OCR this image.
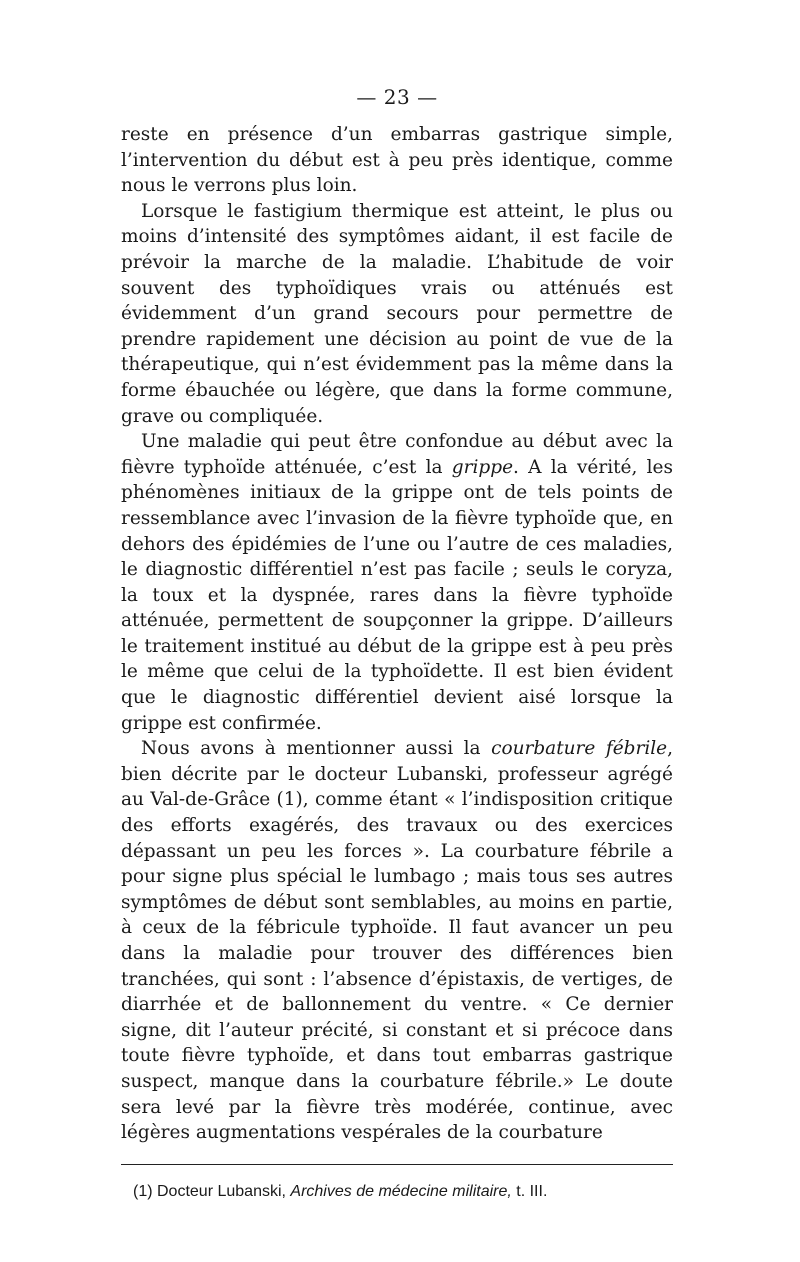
— 23 —

reste en présence d’un embarras gastrique simple, l’intervention du début est à peu près identique, comme nous le verrons plus loin.

Lorsque le fastigium thermique est atteint, le plus ou moins d’intensité des symptômes aidant, il est facile de prévoir la marche de la maladie. L’habitude de voir souvent des typhoïdiques vrais ou atténués est évidemment d’un grand secours pour permettre de prendre rapidement une décision au point de vue de la thérapeutique, qui n’est évidemment pas la même dans la forme ébauchée ou légère, que dans la forme commune, grave ou compliquée.

Une maladie qui peut être confondue au début avec la fièvre typhoïde atténuée, c’est la grippe. A la vérité, les phénomènes initiaux de la grippe ont de tels points de ressemblance avec l’invasion de la fièvre typhoïde que, en dehors des épidémies de l’une ou l’autre de ces maladies, le diagnostic différentiel n’est pas facile ; seuls le coryza, la toux et la dyspnée, rares dans la fièvre typhoïde atténuée, permettent de soupçonner la grippe. D’ailleurs le traitement institué au début de la grippe est à peu près le même que celui de la typhoïdette. Il est bien évident que le diagnostic différentiel devient aisé lorsque la grippe est confirmée.

Nous avons à mentionner aussi la courbature fébrile, bien décrite par le docteur Lubanski, professeur agrégé au Val-de-Grâce (1), comme étant « l’indisposition critique des efforts exagérés, des travaux ou des exercices dépassant un peu les forces ». La courbature fébrile a pour signe plus spécial le lumbago ; mais tous ses autres symptômes de début sont semblables, au moins en partie, à ceux de la fébricule typhoïde. Il faut avancer un peu dans la maladie pour trouver des différences bien tranchées, qui sont : l’absence d’épistaxis, de vertiges, de diarrhée et de ballonnement du ventre. « Ce dernier signe, dit l’auteur précité, si constant et si précoce dans toute fièvre typhoïde, et dans tout embarras gastrique suspect, manque dans la courbature fébrile.» Le doute sera levé par la fièvre très modérée, continue, avec légères augmentations vespérales de la courbature

(1) Docteur Lubanski, Archives de médecine militaire, t. III.
